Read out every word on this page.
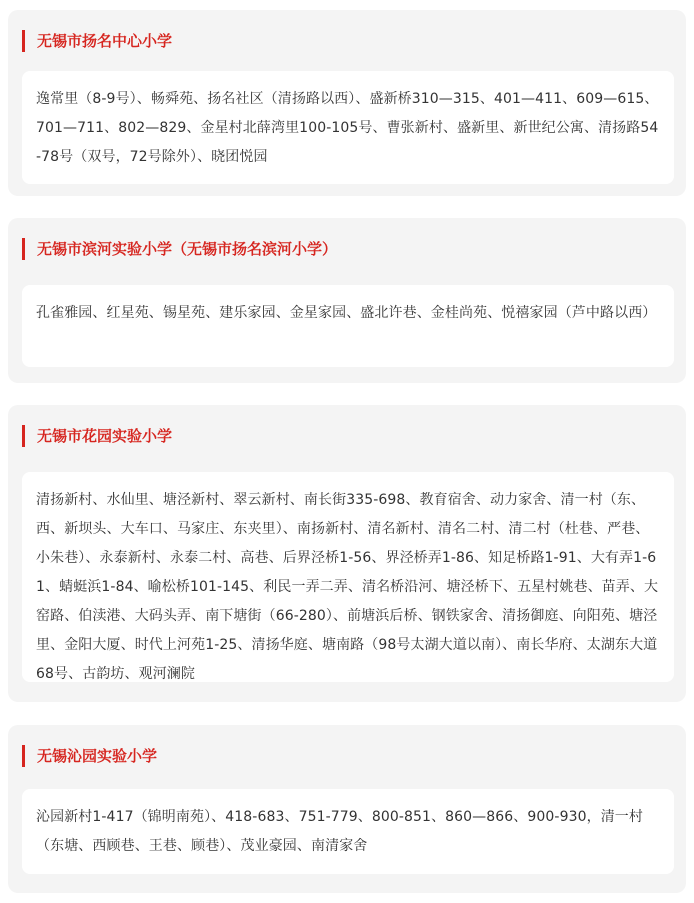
无锡市扬名中心小学
逸常里（8-9号）、畅舜苑、扬名社区（清扬路以西）、盛新桥310—315、401—411、609—615、701—711、802—829、金星村北薛湾里100-105号、曹张新村、盛新里、新世纪公寓、清扬路54-78号（双号，72号除外）、晓团悦园
无锡市滨河实验小学（无锡市扬名滨河小学）
孔雀雅园、红星苑、锡星苑、建乐家园、金星家园、盛北许巷、金桂尚苑、悦禧家园（芦中路以西）
无锡市花园实验小学
清扬新村、水仙里、塘泾新村、翠云新村、南长街335-698、教育宿舍、动力家舍、清一村（东、西、新坝头、大车口、马家庄、东夹里）、南扬新村、清名新村、清名二村、清二村（杜巷、严巷、小朱巷）、永泰新村、永泰二村、高巷、后界泾桥1-56、界泾桥弄1-86、知足桥路1-91、大有弄1-61、蜻蜓浜1-84、喻松桥101-145、利民一弄二弄、清名桥沿河、塘泾桥下、五星村姚巷、苗弄、大窑路、伯渎港、大码头弄、南下塘街（66-280）、前塘浜后桥、钢铁家舍、清扬御庭、向阳苑、塘泾里、金阳大厦、时代上河苑1-25、清扬华庭、塘南路（98号太湖大道以南）、南长华府、太湖东大道68号、古韵坊、观河澜院
无锡沁园实验小学
沁园新村1-417（锦明南苑）、418-683、751-779、800-851、860—866、900-930，清一村（东塘、西顾巷、王巷、顾巷）、茂业豪园、南清家舍
